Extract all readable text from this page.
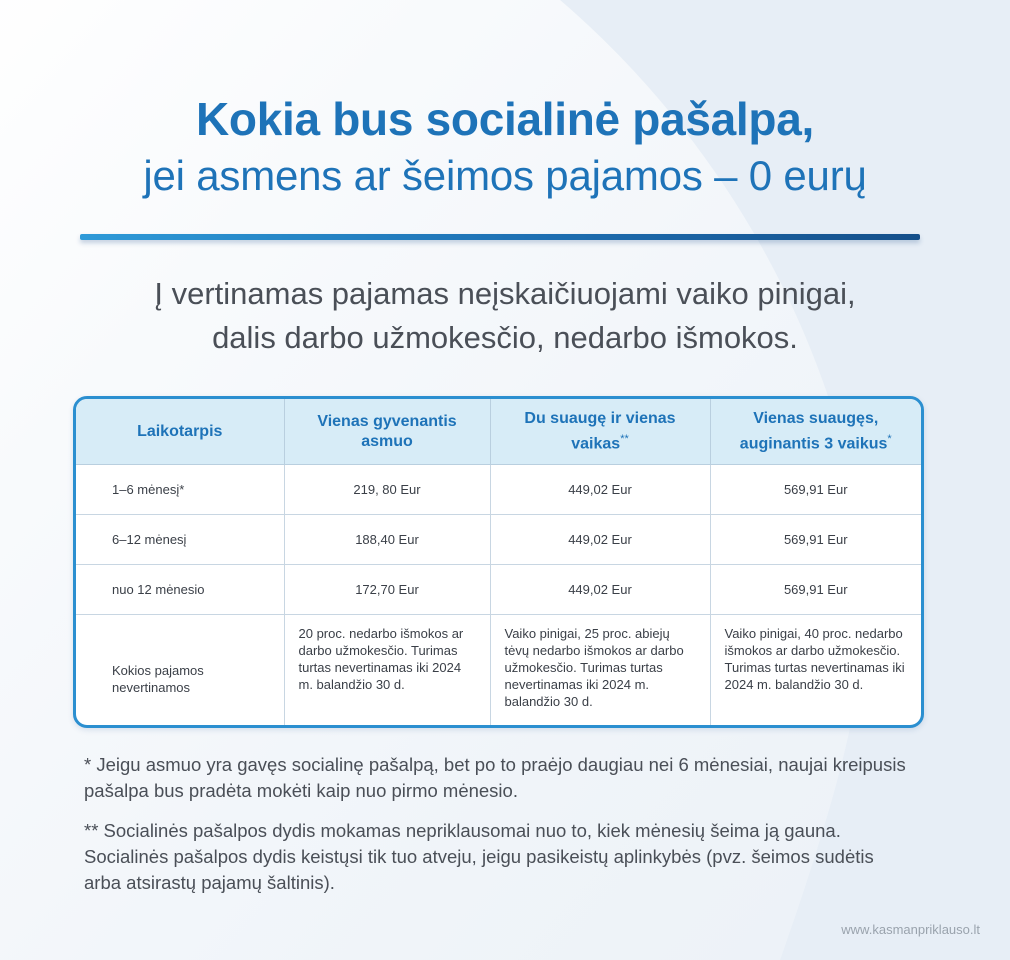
Kokia bus socialinė pašalpa,
jei asmens ar šeimos pajamos – 0 eurų
Į vertinamas pajamas neįskaičiuojami vaiko pinigai,
dalis darbo užmokesčio, nedarbo išmokos.
Laikotarpis	Vienas gyvenantis asmuo	Du suaugę ir vienas vaikas**	Vienas suaugęs, auginantis 3 vaikus*
1–6 mėnesį*	219, 80 Eur	449,02 Eur	569,91 Eur
6–12 mėnesį	188,40 Eur	449,02 Eur	569,91 Eur
nuo 12 mėnesio	172,70 Eur	449,02 Eur	569,91 Eur
Kokios pajamos nevertinamos	20 proc. nedarbo išmokos ar darbo užmokesčio. Turimas turtas nevertinamas iki 2024 m. balandžio 30 d.	Vaiko pinigai, 25 proc. abiejų tėvų nedarbo išmokos ar darbo užmokesčio. Turimas turtas nevertinamas iki 2024 m. balandžio 30 d.	Vaiko pinigai, 40 proc. nedarbo išmokos ar darbo užmokesčio. Turimas turtas nevertinamas iki 2024 m. balandžio 30 d.
* Jeigu asmuo yra gavęs socialinę pašalpą, bet po to praėjo daugiau nei 6 mėnesiai, naujai kreipusis pašalpa bus pradėta mokėti kaip nuo pirmo mėnesio.
** Socialinės pašalpos dydis mokamas nepriklausomai nuo to, kiek mėnesių šeima ją gauna. Socialinės pašalpos dydis keistųsi tik tuo atveju, jeigu pasikeistų aplinkybės (pvz. šeimos sudėtis arba atsirastų pajamų šaltinis).
www.kasmanpriklauso.lt
